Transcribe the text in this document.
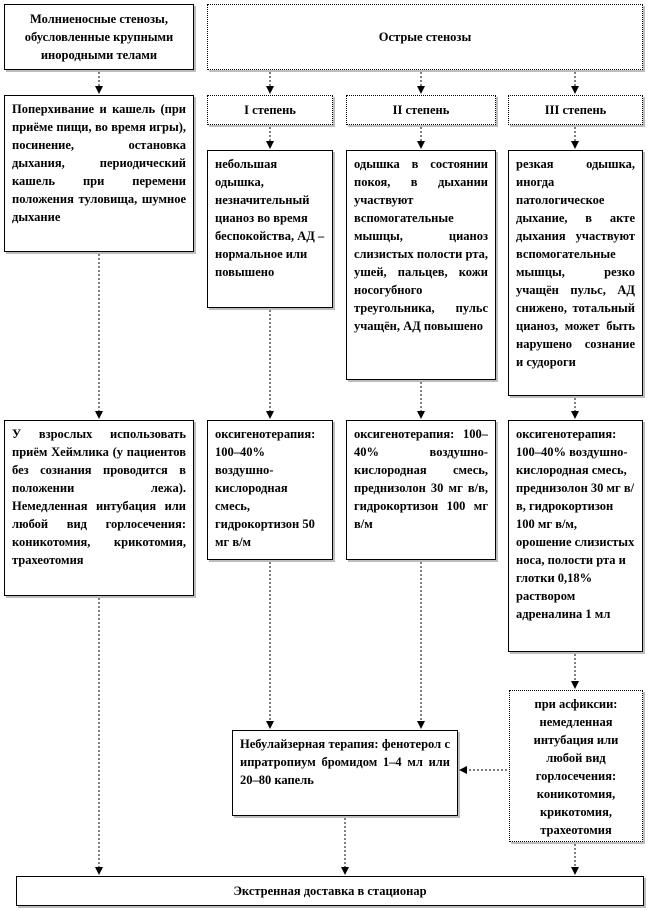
Молниеносные стенозы, обусловленные крупными инородными телами
Острые стенозы
I степень	II степень	III степень
Поперхивание и кашель (при приёме пищи, во время игры), посинение, остановка дыхания, периодический кашель при перемени положения туловища, шумное дыхание
небольшая одышка, незначительный цианоз во время беспокойства, АД – нормальное или повышено
одышка в состоянии покоя, в дыхании участвуют вспомогательные мышцы, цианоз слизистых полости рта, ушей, пальцев, кожи носогубного треугольника, пульс учащён, АД повышено
резкая одышка, иногда патологическое дыхание, в акте дыхания участвуют вспомогательные мышцы, резко учащён пульс, АД снижено, тотальный цианоз, может быть нарушено сознание и судороги
У взрослых использовать приём Хеймлика (у пациентов без сознания проводится в положении лежа). Немедленная интубация или любой вид горлосечения: коникотомия, крикотомия, трахеотомия
оксигенотерапия: 100–40% воздушно-кислородная смесь, гидрокортизон 50 мг в/м
оксигенотерапия: 100–40% воздушно-кислородная смесь, преднизолон 30 мг в/в, гидрокортизон 100 мг в/м
оксигенотерапия: 100–40% воздушно-кислородная смесь, преднизолон 30 мг в/в, гидрокортизон 100 мг в/м, орошение слизистых носа, полости рта и глотки 0,18% раствором адреналина 1 мл
при асфиксии: немедленная интубация или любой вид горлосечения: коникотомия, крикотомия, трахеотомия
Небулайзерная терапия: фенотерол с ипратропиум бромидом 1–4 мл или 20–80 капель
Экстренная доставка в стационар
